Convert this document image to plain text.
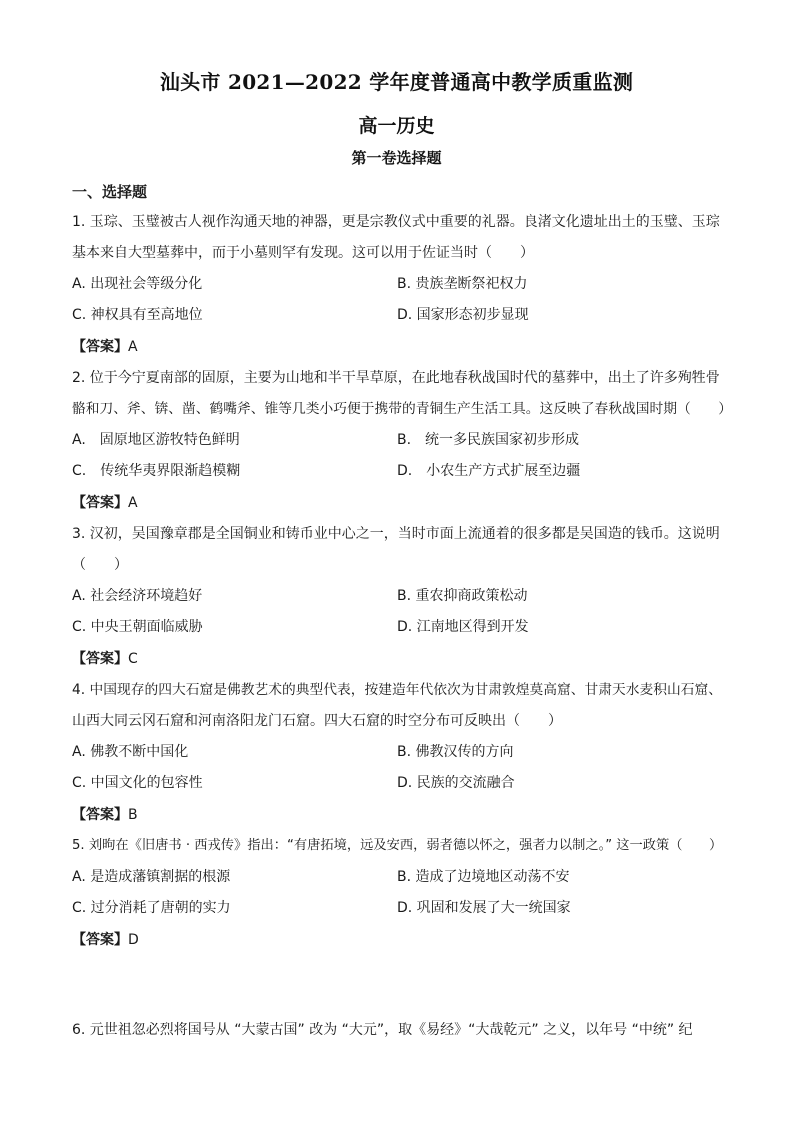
汕头市 2021—2022 学年度普通高中教学质重监测
高一历史
第一卷选择题
一、选择题
1. 玉琮、玉璧被古人视作沟通天地的神器，更是宗教仪式中重要的礼器。良渚文化遗址出土的玉璧、玉琮
基本来自大型墓葬中，而于小墓则罕有发现。这可以用于佐证当时（　　）
A. 出现社会等级分化	B. 贵族垄断祭祀权力
C. 神权具有至高地位	D. 国家形态初步显现
【答案】A
2. 位于今宁夏南部的固原，主要为山地和半干旱草原，在此地春秋战国时代的墓葬中，出土了许多殉牲骨
骼和刀、斧、锛、凿、鹤嘴斧、锥等几类小巧便于携带的青铜生产生活工具。这反映了春秋战国时期（　　）
A.　固原地区游牧特色鲜明	B.　统一多民族国家初步形成
C.　传统华夷界限渐趋模糊	D.　小农生产方式扩展至边疆
【答案】A
3. 汉初，吴国豫章郡是全国铜业和铸币业中心之一，当时市面上流通着的很多都是吴国造的钱币。这说明
（　　）
A. 社会经济环境趋好	B. 重农抑商政策松动
C. 中央王朝面临威胁	D. 江南地区得到开发
【答案】C
4. 中国现存的四大石窟是佛教艺术的典型代表，按建造年代依次为甘肃敦煌莫高窟、甘肃天水麦积山石窟、
山西大同云冈石窟和河南洛阳龙门石窟。四大石窟的时空分布可反映出（　　）
A. 佛教不断中国化	B. 佛教汉传的方向
C. 中国文化的包容性	D. 民族的交流融合
【答案】B
5. 刘昫在《旧唐书 · 西戎传》指出：“有唐拓境，远及安西，弱者德以怀之，强者力以制之。” 这一政策（　　）
A. 是造成藩镇割据的根源	B. 造成了边境地区动荡不安
C. 过分消耗了唐朝的实力	D. 巩固和发展了大一统国家
【答案】D
6. 元世祖忽必烈将国号从 “大蒙古国” 改为 “大元”，取《易经》“大哉乾元” 之义，以年号 “中统” 纪
